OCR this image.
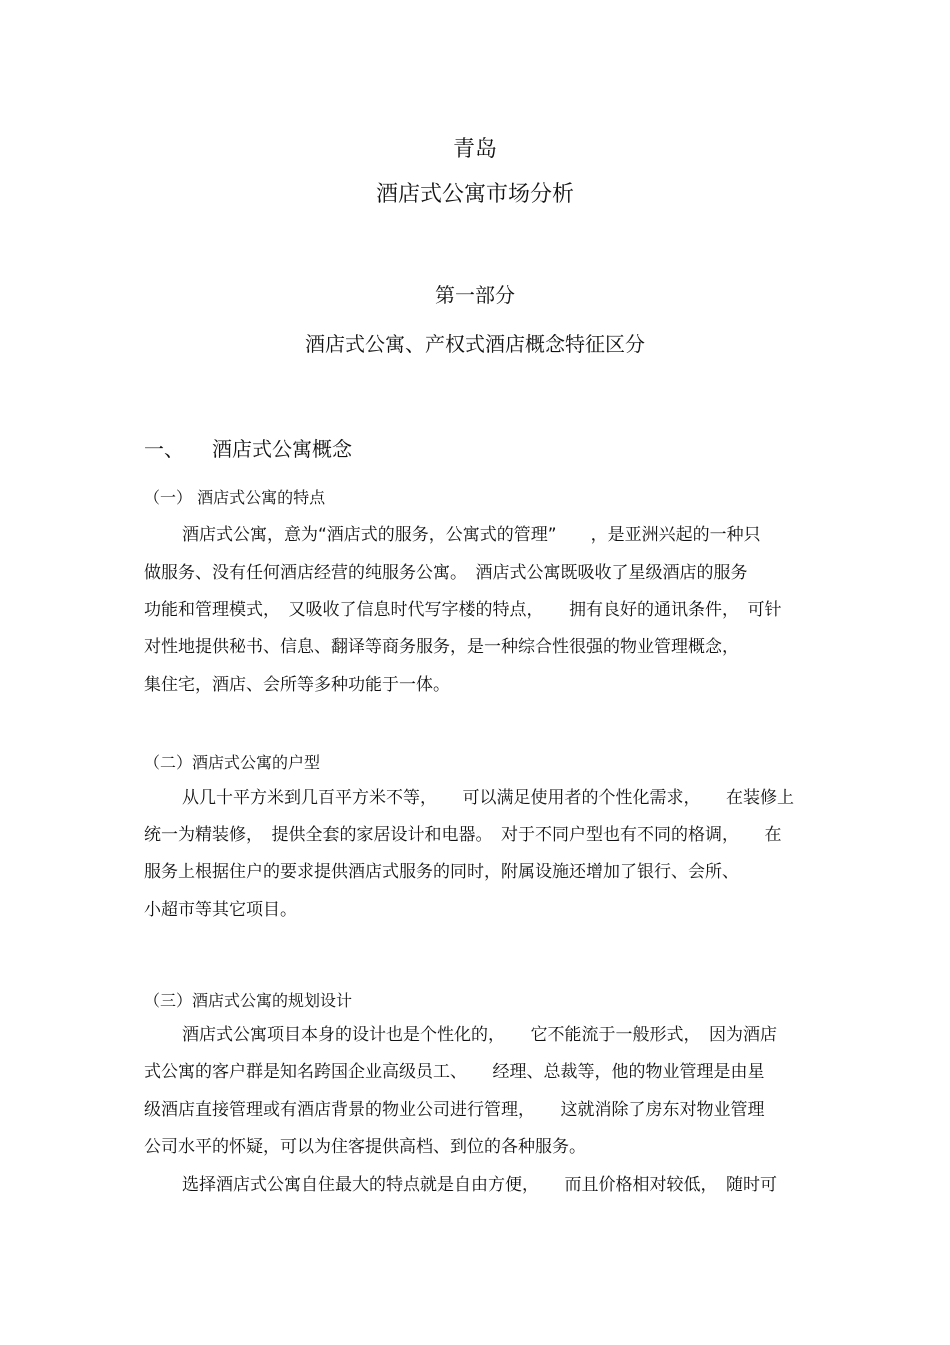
青岛
酒店式公寓市场分析
第一部分
酒店式公寓、产权式酒店概念特征区分
一、 酒店式公寓概念
（一） 酒店式公寓的特点
酒店式公寓，意为“酒店式的服务，公寓式的管理”　　，是亚洲兴起的一种只
做服务、没有任何酒店经营的纯服务公寓。　酒店式公寓既吸收了星级酒店的服务
功能和管理模式，　又吸收了信息时代写字楼的特点，　　拥有良好的通讯条件，　可针
对性地提供秘书、信息、翻译等商务服务，是一种综合性很强的物业管理概念，
集住宅，酒店、会所等多种功能于一体。
（二）酒店式公寓的户型
从几十平方米到几百平方米不等，　　可以满足使用者的个性化需求，　　在装修上
统一为精装修，　提供全套的家居设计和电器。　对于不同户型也有不同的格调，　　在
服务上根据住户的要求提供酒店式服务的同时，附属设施还增加了银行、会所、
小超市等其它项目。
（三）酒店式公寓的规划设计
酒店式公寓项目本身的设计也是个性化的，　　它不能流于一般形式，　因为酒店
式公寓的客户群是知名跨国企业高级员工、　　经理、总裁等，他的物业管理是由星
级酒店直接管理或有酒店背景的物业公司进行管理，　　这就消除了房东对物业管理
公司水平的怀疑，可以为住客提供高档、到位的各种服务。
选择酒店式公寓自住最大的特点就是自由方便，　　而且价格相对较低，　随时可
